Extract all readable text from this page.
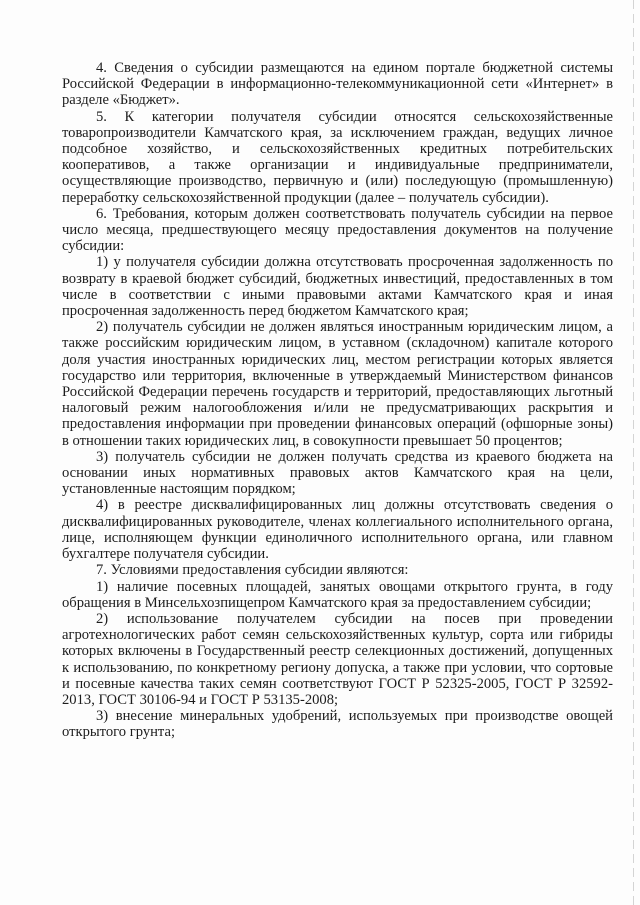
4. Сведения о субсидии размещаются на едином портале бюджетной системы Российской Федерации в информационно-телекоммуникационной сети «Интернет» в разделе «Бюджет».

5. К категории получателя субсидии относятся сельскохозяйственные товаропроизводители Камчатского края, за исключением граждан, ведущих личное подсобное хозяйство, и сельскохозяйственных кредитных потребительских кооперативов, а также организации и индивидуальные предприниматели, осуществляющие производство, первичную и (или) последующую (промышленную) переработку сельскохозяйственной продукции (далее – получатель субсидии).

6. Требования, которым должен соответствовать получатель субсидии на первое число месяца, предшествующего месяцу предоставления документов на получение субсидии:

1) у получателя субсидии должна отсутствовать просроченная задолженность по возврату в краевой бюджет субсидий, бюджетных инвестиций, предоставленных в том числе в соответствии с иными правовыми актами Камчатского края и иная просроченная задолженность перед бюджетом Камчатского края;

2) получатель субсидии не должен являться иностранным юридическим лицом, а также российским юридическим лицом, в уставном (складочном) капитале которого доля участия иностранных юридических лиц, местом регистрации которых является государство или территория, включенные в утверждаемый Министерством финансов Российской Федерации перечень государств и территорий, предоставляющих льготный налоговый режим налогообложения и/или не предусматривающих раскрытия и предоставления информации при проведении финансовых операций (офшорные зоны) в отношении таких юридических лиц, в совокупности превышает 50 процентов;

3) получатель субсидии не должен получать средства из краевого бюджета на основании иных нормативных правовых актов Камчатского края на цели, установленные настоящим порядком;

4) в реестре дисквалифицированных лиц должны отсутствовать сведения о дисквалифицированных руководителе, членах коллегиального исполнительного органа, лице, исполняющем функции единоличного исполнительного органа, или главном бухгалтере получателя субсидии.

7. Условиями предоставления субсидии являются:

1) наличие посевных площадей, занятых овощами открытого грунта, в году обращения в Минсельхозпищепром Камчатского края за предоставлением субсидии;

2) использование получателем субсидии на посев при проведении агротехнологических работ семян сельскохозяйственных культур, сорта или гибриды которых включены в Государственный реестр селекционных достижений, допущенных к использованию, по конкретному региону допуска, а также при условии, что сортовые и посевные качества таких семян соответствуют ГОСТ Р 52325-2005, ГОСТ Р 32592-2013, ГОСТ 30106-94 и ГОСТ Р 53135-2008;

3) внесение минеральных удобрений, используемых при производстве овощей открытого грунта;
